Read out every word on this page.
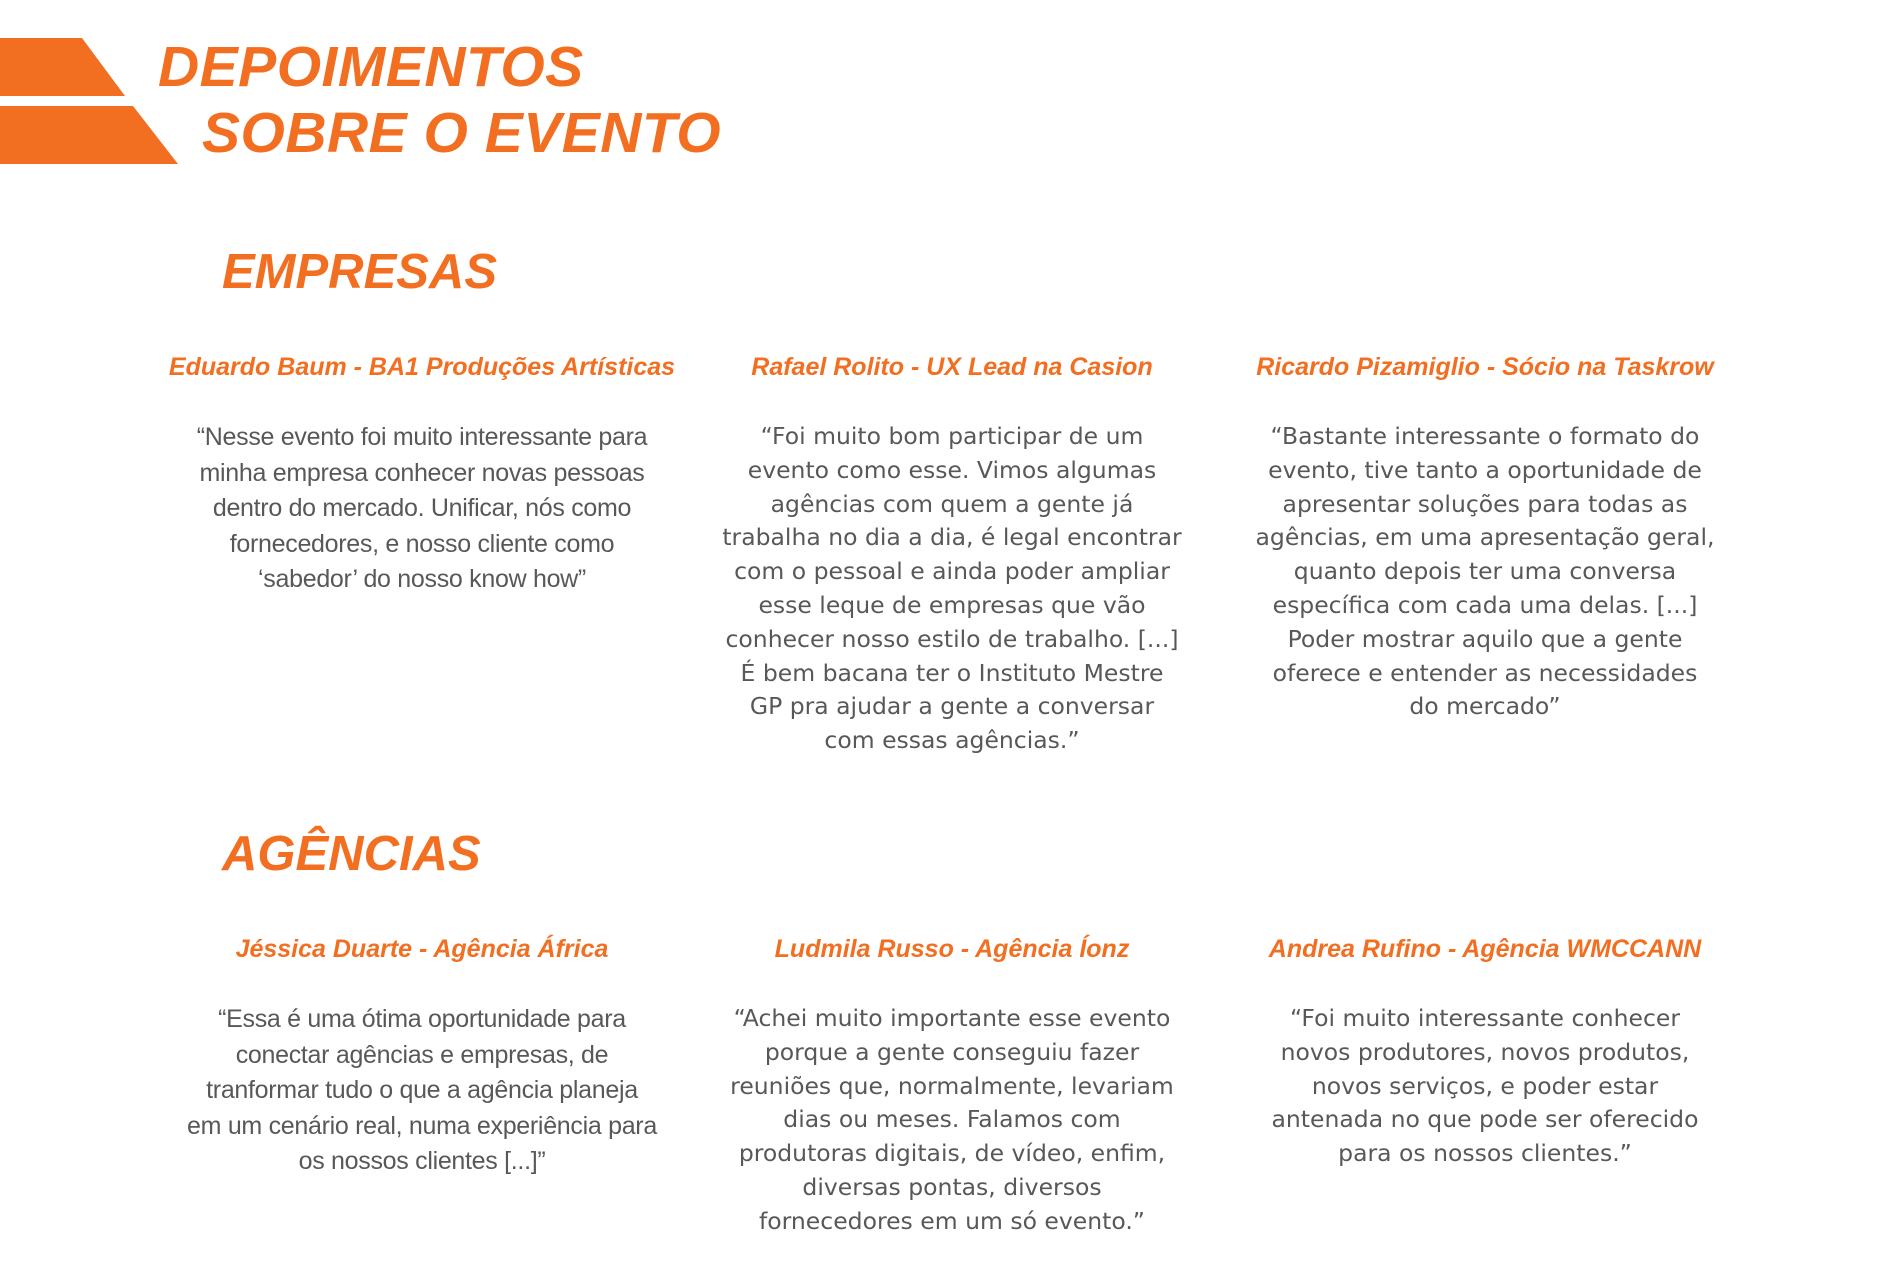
DEPOIMENTOS
SOBRE O EVENTO
EMPRESAS
Eduardo Baum - BA1 Produções Artísticas

“Nesse evento foi muito interessante para minha empresa conhecer novas pessoas dentro do mercado. Unificar, nós como fornecedores, e nosso cliente como ‘sabedor’ do nosso know how”

Rafael Rolito - UX Lead na Casion

“Foi muito bom participar de um evento como esse. Vimos algumas agências com quem a gente já trabalha no dia a dia, é legal encontrar com o pessoal e ainda poder ampliar esse leque de empresas que vão conhecer nosso estilo de trabalho. [...] É bem bacana ter o Instituto Mestre GP pra ajudar a gente a conversar com essas agências.”

Ricardo Pizamiglio - Sócio na Taskrow

“Bastante interessante o formato do evento, tive tanto a oportunidade de apresentar soluções para todas as agências, em uma apresentação geral, quanto depois ter uma conversa específica com cada uma delas. [...] Poder mostrar aquilo que a gente oferece e entender as necessidades do mercado”

AGÊNCIAS
Jéssica Duarte - Agência África

“Essa é uma ótima oportunidade para conectar agências e empresas, de tranformar tudo o que a agência planeja em um cenário real, numa experiência para os nossos clientes [...]”

Ludmila Russo - Agência Íonz

“Achei muito importante esse evento porque a gente conseguiu fazer reuniões que, normalmente, levariam dias ou meses. Falamos com produtoras digitais, de vídeo, enfim, diversas pontas, diversos fornecedores em um só evento.”

Andrea Rufino - Agência WMCCANN

“Foi muito interessante conhecer novos produtores, novos produtos, novos serviços, e poder estar antenada no que pode ser oferecido para os nossos clientes.”
